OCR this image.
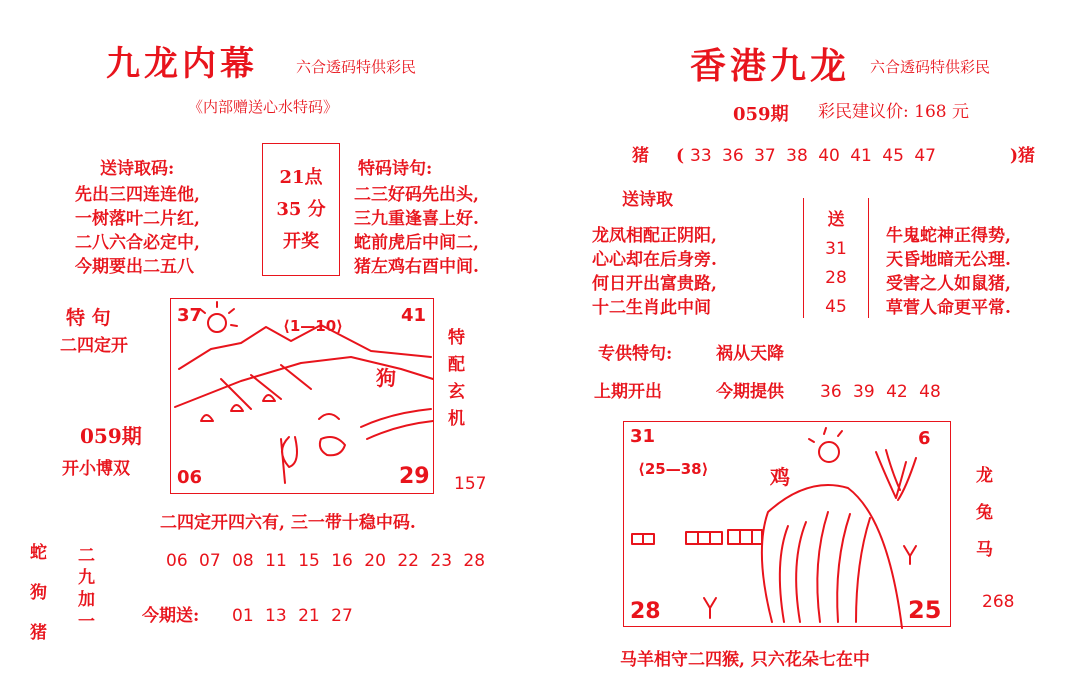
九龙内幕	六合透码特供彩民
《内部赠送心水特码》
送诗取码:
先出三四连连他,
一树落叶二片红,
二八六合必定中,
今期要出二五八
21点
35 分
开奖
特码诗句:
二三好码先出头,
三九重逢喜上好.
蛇前虎后中间二,
猪左鸡右酉中间.
特 句
二四定开
059期
开小博双
37	41
⟨1—10⟩
狗
06	29
特
配
玄
机
157
二四定开四六有, 三一带十稳中码.
蛇
狗
猪
二
九
加
一
06 07 08 11 15 16 20 22 23 28
今期送: 01 13 21 27
香港九龙 六合透码特供彩民
059期 彩民建议价: 168 元
猪 ( 33 36 37 38 40 41 45 47	)猪
送诗取
龙凤相配正阴阳,
心心却在后身旁.
何日开出富贵路,
十二生肖此中间
送
31
28
45
牛鬼蛇神正得势,
天昏地暗无公理.
受害之人如鼠猪,
草菅人命更平常.
专供特句:	祸从天降
上期开出	今期提供 36 39 42 48
31	6
⟨25—38⟩	鸡
28	25
龙
兔
马
268
马羊相守二四猴, 只六花朵七在中
